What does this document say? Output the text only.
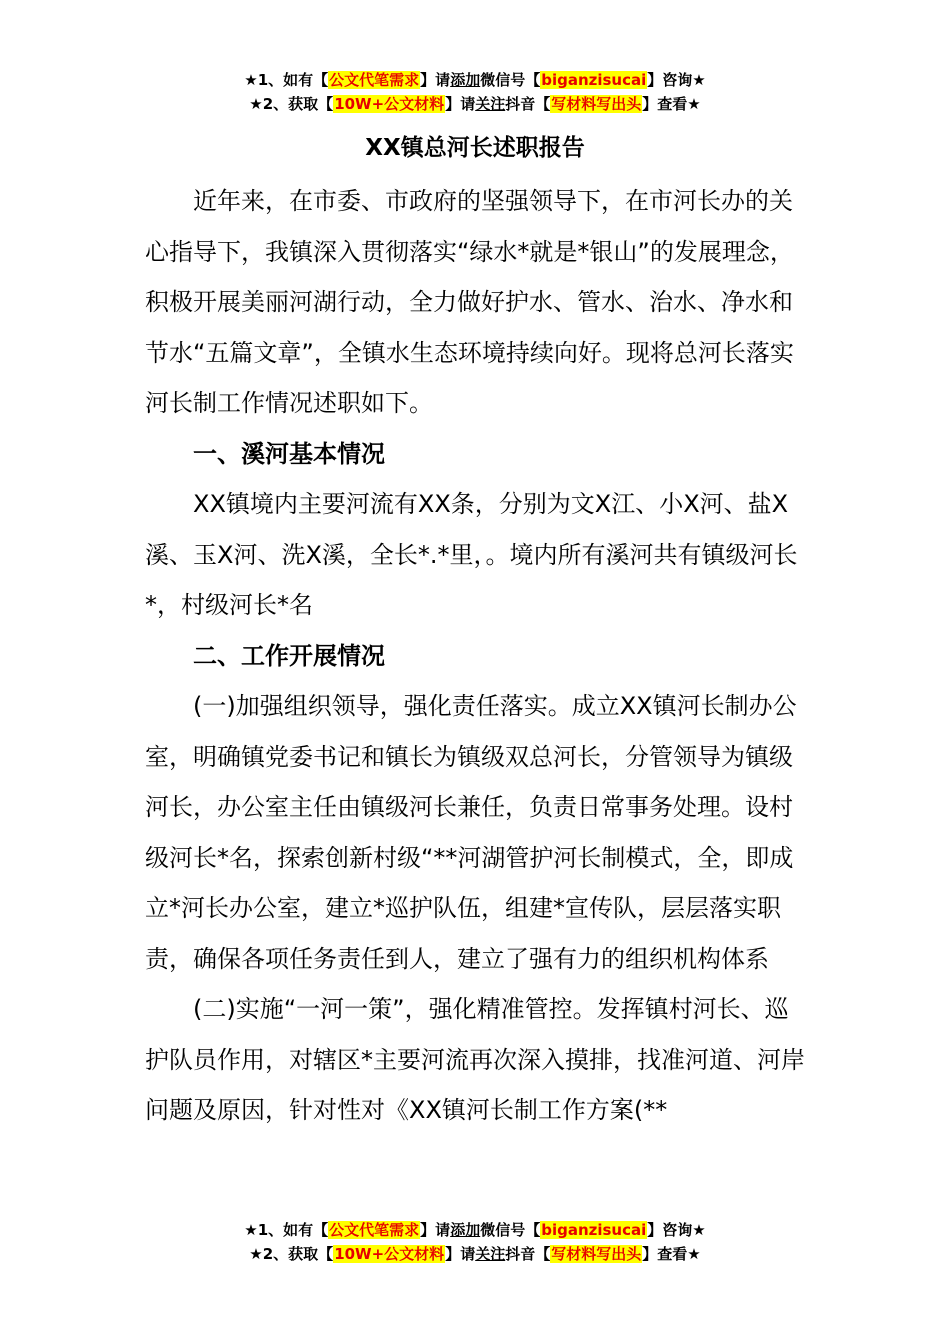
★1、如有【公文代笔需求】请添加微信号【biganzisucai】咨询★
★2、获取【10W+公文材料】请关注抖音【写材料写出头】查看★
XX镇总河长述职报告

近年来，在市委、市政府的坚强领导下，在市河长办的关心指导下，我镇深入贯彻落实“绿水*就是*银山”的发展理念，积极开展美丽河湖行动，全力做好护水、管水、治水、净水和节水“五篇文章”，全镇水生态环境持续向好。现将总河长落实河长制工作情况述职如下。

一、溪河基本情况

XX镇境内主要河流有XX条，分别为文X江、小X河、盐X溪、玉X河、洗X溪，全长*.*里，。境内所有溪河共有镇级河长*，村级河长*名

二、工作开展情况

(一)加强组织领导，强化责任落实。成立XX镇河长制办公室，明确镇党委书记和镇长为镇级双总河长，分管领导为镇级河长，办公室主任由镇级河长兼任，负责日常事务处理。设村级河长*名，探索创新村级“**河湖管护河长制模式，全，即成立*河长办公室，建立*巡护队伍，组建*宣传队，层层落实职责，确保各项任务责任到人，建立了强有力的组织机构体系

(二)实施“一河一策”，强化精准管控。发挥镇村河长、巡护队员作用，对辖区*主要河流再次深入摸排，找准河道、河岸问题及原因，针对性对《XX镇河长制工作方案(**

★1、如有【公文代笔需求】请添加微信号【biganzisucai】咨询★
★2、获取【10W+公文材料】请关注抖音【写材料写出头】查看★
